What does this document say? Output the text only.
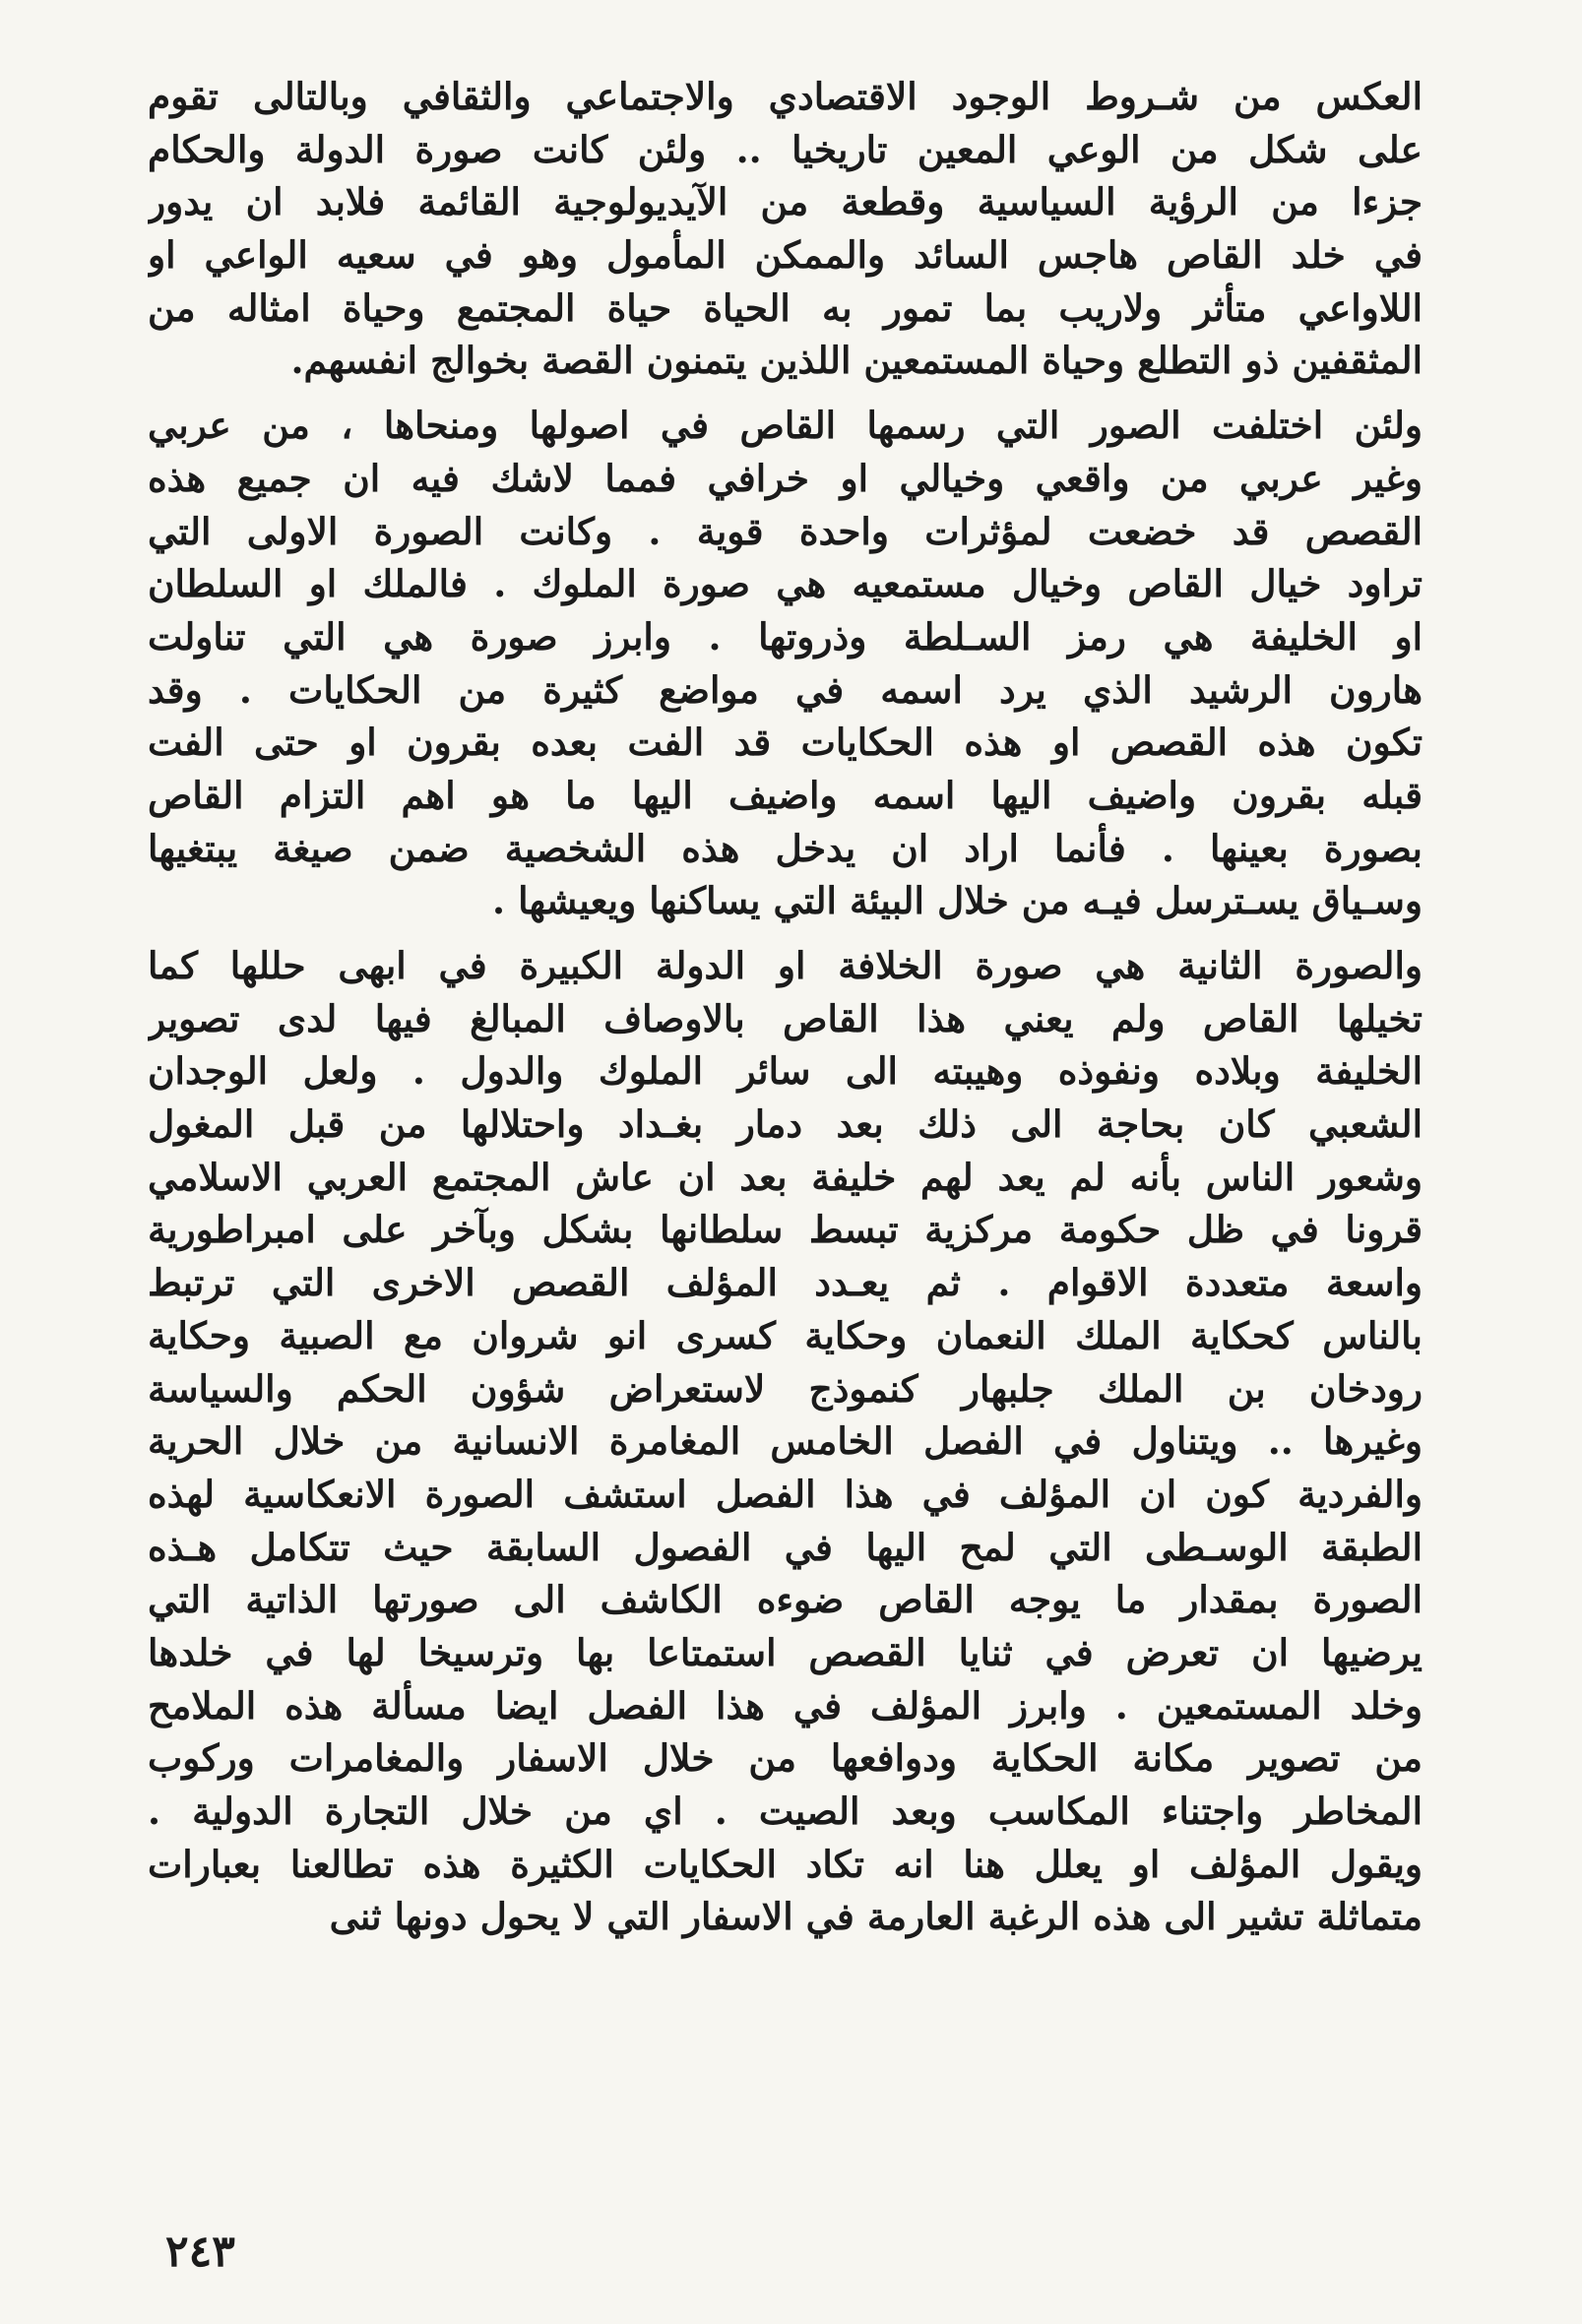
العكس من شـروط الوجود الاقتصادي والاجتماعي والثقافي وبالتالى تقوم
على شكل من الوعي المعين تاريخيا .. ولئن كانت صورة الدولة والحكام
جزءا من الرؤية السياسية وقطعة من الآيديولوجية القائمة فلابد ان يدور
في خلد القاص هاجس السائد والممكن المأمول وهو في سعيه الواعي او
اللاواعي متأثر ولاريب بما تمور به الحياة حياة المجتمع وحياة امثاله من
المثقفين ذو التطلع وحياة المستمعين اللذين يتمنون القصة بخوالج انفسهم.
ولئن اختلفت الصور التي رسمها القاص في اصولها ومنحاها ، من عربي
وغير عربي من واقعي وخيالي او خرافي فمما لاشك فيه ان جميع هذه
القصص قد خضعت لمؤثرات واحدة قوية . وكانت الصورة الاولى التي
تراود خيال القاص وخيال مستمعيه هي صورة الملوك . فالملك او السلطان
او الخليفة هي رمز السـلطة وذروتها . وابرز صورة هي التي تناولت
هارون الرشيد الذي يرد اسمه في مواضع كثيرة من الحكايات . وقد
تكون هذه القصص او هذه الحكايات قد الفت بعده بقرون او حتى الفت
قبله بقرون واضيف اليها اسمه واضيف اليها ما هو اهم التزام القاص
بصورة بعينها . فأنما اراد ان يدخل هذه الشخصية ضمن صيغة يبتغيها
وسـياق يسـترسل فيـه من خلال البيئة التي يساكنها ويعيشها .
والصورة الثانية هي صورة الخلافة او الدولة الكبيرة في ابهى حللها كما
تخيلها القاص ولم يعني هذا القاص بالاوصاف المبالغ فيها لدى تصوير
الخليفة وبلاده ونفوذه وهيبته الى سائر الملوك والدول . ولعل الوجدان
الشعبي كان بحاجة الى ذلك بعد دمار بغـداد واحتلالها من قبل المغول
وشعور الناس بأنه لم يعد لهم خليفة بعد ان عاش المجتمع العربي الاسلامي
قرونا في ظل حكومة مركزية تبسط سلطانها بشكل وبآخر على امبراطورية
واسعة متعددة الاقوام . ثم يعـدد المؤلف القصص الاخرى التي ترتبط
بالناس كحكاية الملك النعمان وحكاية كسرى انو شروان مع الصبية وحكاية
رودخان بن الملك جلبهار كنموذج لاستعراض شؤون الحكم والسياسة
وغيرها .. ويتناول في الفصل الخامس المغامرة الانسانية من خلال الحرية
والفردية كون ان المؤلف في هذا الفصل استشف الصورة الانعكاسية لهذه
الطبقة الوسـطى التي لمح اليها في الفصول السابقة حيث تتكامل هـذه
الصورة بمقدار ما يوجه القاص ضوءه الكاشف الى صورتها الذاتية التي
يرضيها ان تعرض في ثنايا القصص استمتاعا بها وترسيخا لها في خلدها
وخلد المستمعين . وابرز المؤلف في هذا الفصل ايضا مسألة هذه الملامح
من تصوير مكانة الحكاية ودوافعها من خلال الاسفار والمغامرات وركوب
المخاطر واجتناء المكاسب وبعد الصيت . اي من خلال التجارة الدولية .
ويقول المؤلف او يعلل هنا انه تكاد الحكايات الكثيرة هذه تطالعنا بعبارات
متماثلة تشير الى هذه الرغبة العارمة في الاسفار التي لا يحول دونها ثنى
٢٤٣
